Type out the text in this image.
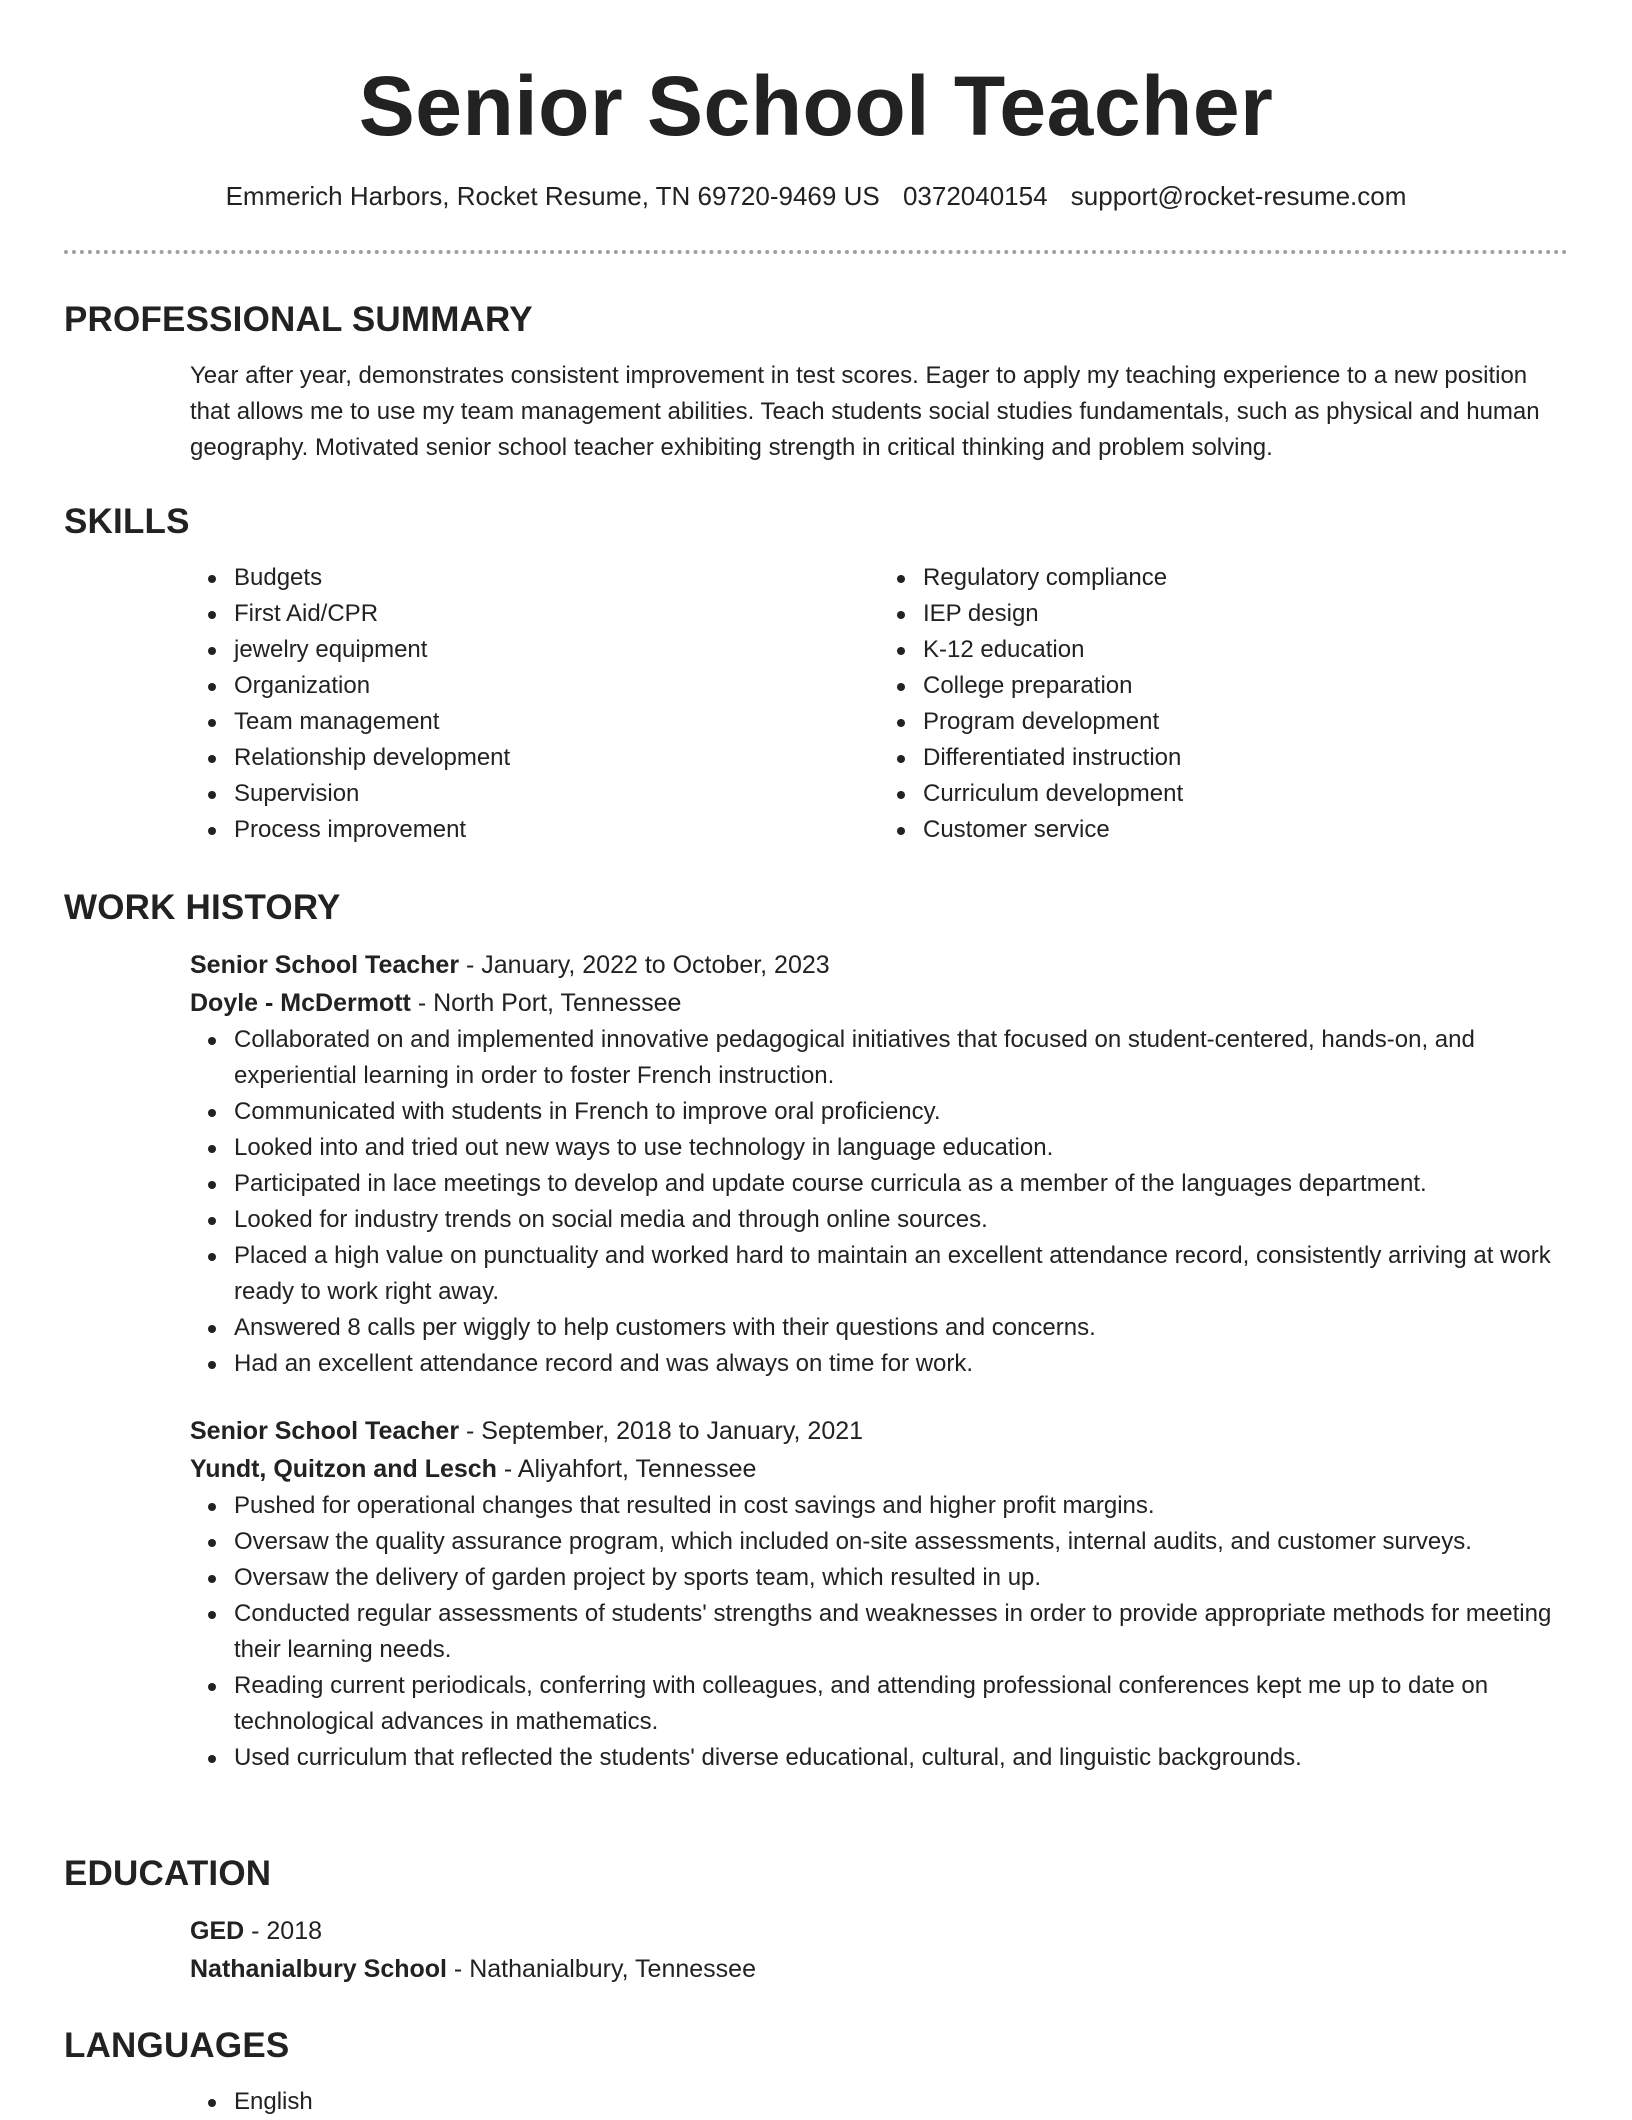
Senior School Teacher
Emmerich Harbors, Rocket Resume, TN 69720-9469 US 0372040154 support@rocket-resume.com
PROFESSIONAL SUMMARY
Year after year, demonstrates consistent improvement in test scores. Eager to apply my teaching experience to a new position that allows me to use my team management abilities. Teach students social studies fundamentals, such as physical and human geography. Motivated senior school teacher exhibiting strength in critical thinking and problem solving.
SKILLS
Budgets
First Aid/CPR
jewelry equipment
Organization
Team management
Relationship development
Supervision
Process improvement
Regulatory compliance
IEP design
K-12 education
College preparation
Program development
Differentiated instruction
Curriculum development
Customer service
WORK HISTORY
Senior School Teacher - January, 2022 to October, 2023
Doyle - McDermott - North Port, Tennessee
Collaborated on and implemented innovative pedagogical initiatives that focused on student-centered, hands-on, and experiential learning in order to foster French instruction.
Communicated with students in French to improve oral proficiency.
Looked into and tried out new ways to use technology in language education.
Participated in lace meetings to develop and update course curricula as a member of the languages department.
Looked for industry trends on social media and through online sources.
Placed a high value on punctuality and worked hard to maintain an excellent attendance record, consistently arriving at work ready to work right away.
Answered 8 calls per wiggly to help customers with their questions and concerns.
Had an excellent attendance record and was always on time for work.
Senior School Teacher - September, 2018 to January, 2021
Yundt, Quitzon and Lesch - Aliyahfort, Tennessee
Pushed for operational changes that resulted in cost savings and higher profit margins.
Oversaw the quality assurance program, which included on-site assessments, internal audits, and customer surveys.
Oversaw the delivery of garden project by sports team, which resulted in up.
Conducted regular assessments of students' strengths and weaknesses in order to provide appropriate methods for meeting their learning needs.
Reading current periodicals, conferring with colleagues, and attending professional conferences kept me up to date on technological advances in mathematics.
Used curriculum that reflected the students' diverse educational, cultural, and linguistic backgrounds.
EDUCATION
GED - 2018
Nathanialbury School - Nathanialbury, Tennessee
LANGUAGES
English
